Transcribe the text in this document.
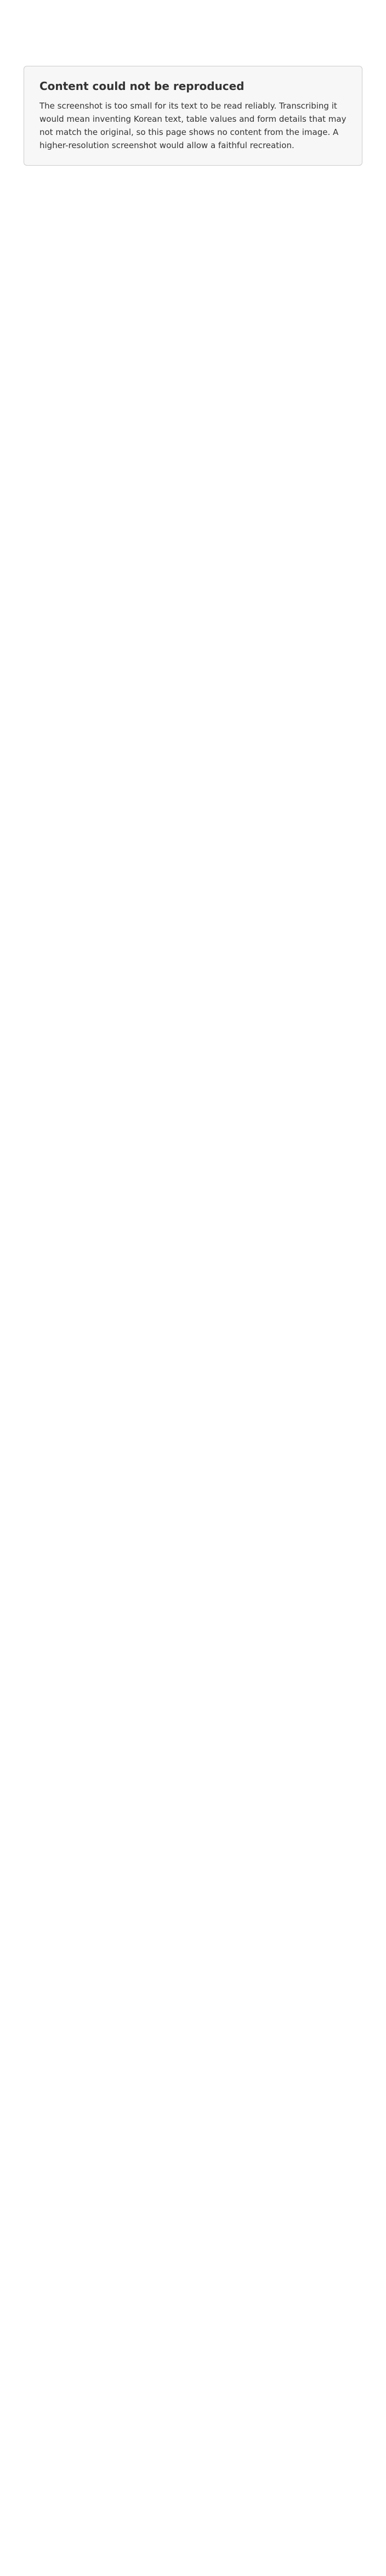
Content could not be reproduced

The screenshot is too small for its text to be read reliably. Transcribing it would mean inventing Korean text, table values and form details that may not match the original, so this page shows no content from the image. A higher-resolution screenshot would allow a faithful recreation.
